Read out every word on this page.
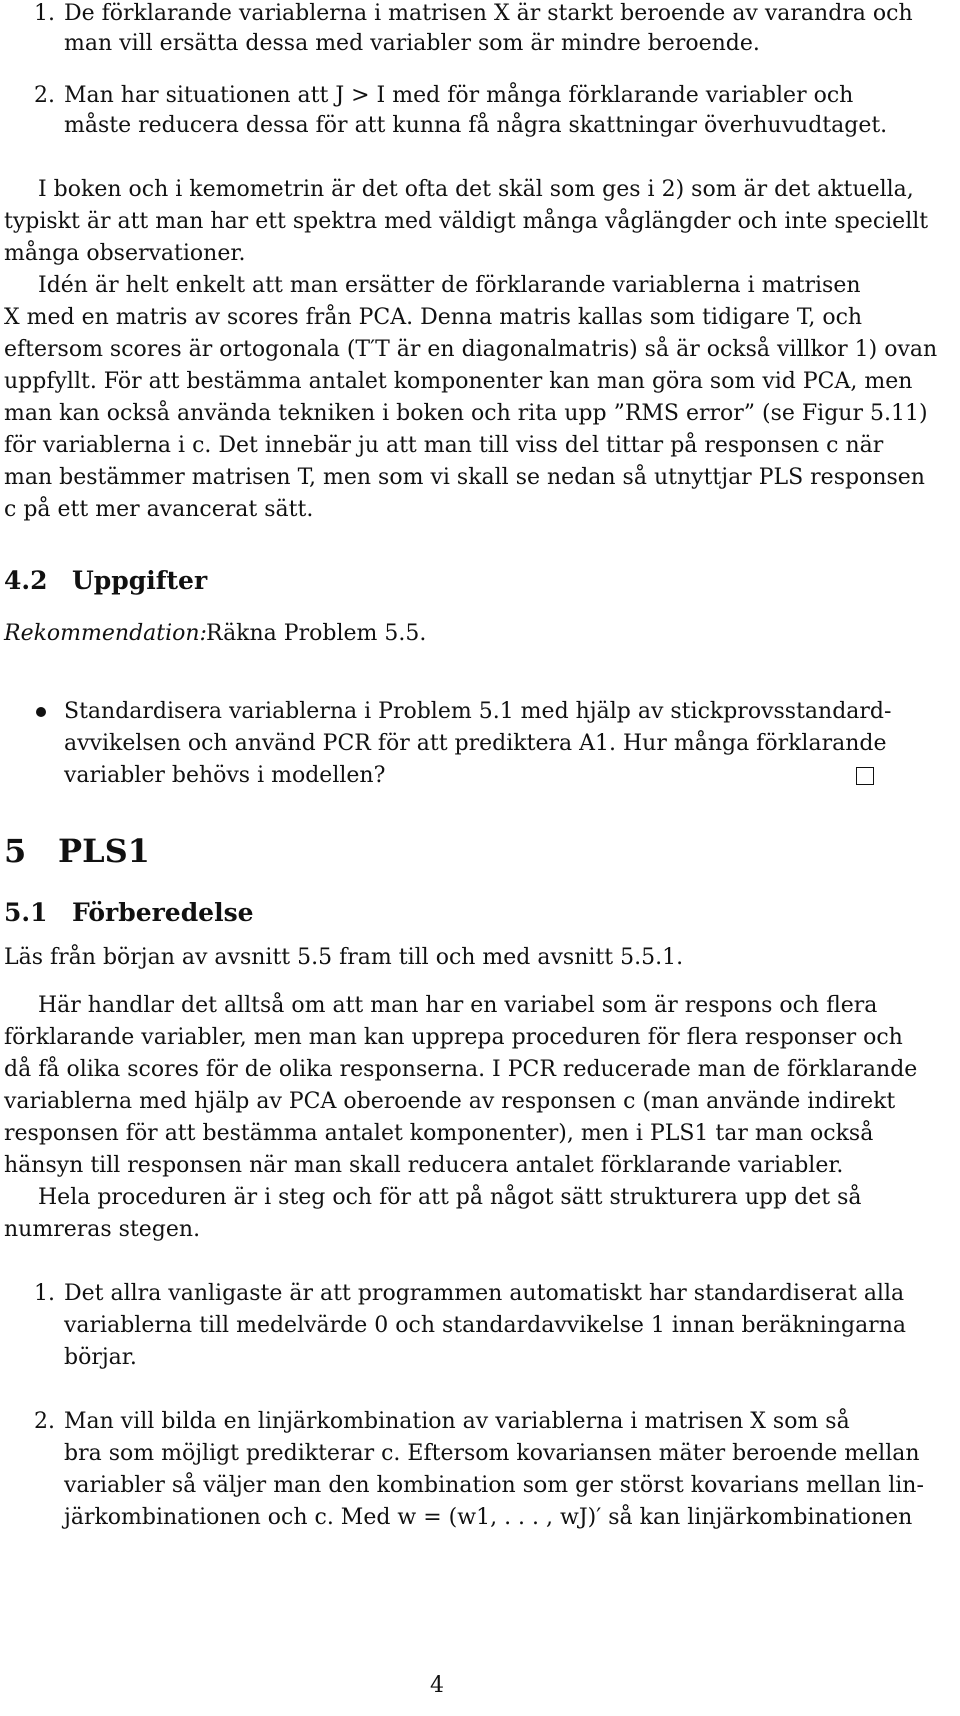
1. De förklarande variablerna i matrisen X är starkt beroende av varandra och
man vill ersätta dessa med variabler som är mindre beroende.
2. Man har situationen att J > I med för många förklarande variabler och
måste reducera dessa för att kunna få några skattningar överhuvudtaget.
I boken och i kemometrin är det ofta det skäl som ges i 2) som är det aktuella,
typiskt är att man har ett spektra med väldigt många våglängder och inte speciellt
många observationer.
Idén är helt enkelt att man ersätter de förklarande variablerna i matrisen
X med en matris av scores från PCA. Denna matris kallas som tidigare T, och
eftersom scores är ortogonala (T′T är en diagonalmatris) så är också villkor 1) ovan
uppfyllt. För att bestämma antalet komponenter kan man göra som vid PCA, men
man kan också använda tekniken i boken och rita upp ”RMS error” (se Figur 5.11)
för variablerna i c. Det innebär ju att man till viss del tittar på responsen c när
man bestämmer matrisen T, men som vi skall se nedan så utnyttjar PLS responsen
c på ett mer avancerat sätt.
4.2 Uppgifter
Rekommendation: Räkna Problem 5.5.
Standardisera variablerna i Problem 5.1 med hjälp av stickprovsstandard-
avvikelsen och använd PCR för att prediktera A1. Hur många förklarande
variabler behövs i modellen?
5 PLS1
5.1 Förberedelse
Läs från början av avsnitt 5.5 fram till och med avsnitt 5.5.1.
Här handlar det alltså om att man har en variabel som är respons och flera
förklarande variabler, men man kan upprepa proceduren för flera responser och
då få olika scores för de olika responserna. I PCR reducerade man de förklarande
variablerna med hjälp av PCA oberoende av responsen c (man använde indirekt
responsen för att bestämma antalet komponenter), men i PLS1 tar man också
hänsyn till responsen när man skall reducera antalet förklarande variabler.
Hela proceduren är i steg och för att på något sätt strukturera upp det så
numreras stegen.
1. Det allra vanligaste är att programmen automatiskt har standardiserat alla
variablerna till medelvärde 0 och standardavvikelse 1 innan beräkningarna
börjar.
2. Man vill bilda en linjärkombination av variablerna i matrisen X som så
bra som möjligt predikterar c. Eftersom kovariansen mäter beroende mellan
variabler så väljer man den kombination som ger störst kovarians mellan lin-
järkombinationen och c. Med w = (w1, . . . , wJ)′ så kan linjärkombinationen
4
